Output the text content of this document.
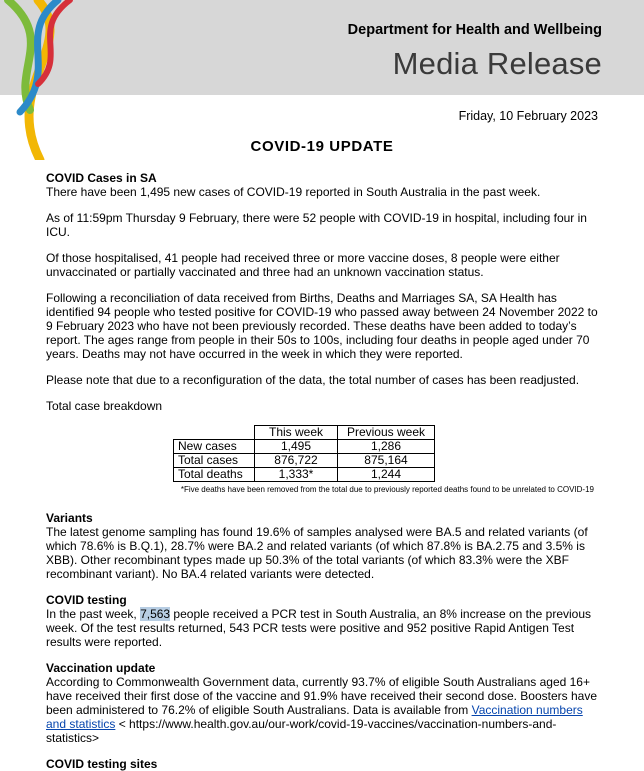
Department for Health and Wellbeing
Media Release
Friday, 10 February 2023
COVID-19 UPDATE
COVID Cases in SA

There have been 1,495 new cases of COVID-19 reported in South Australia in the past week.

As of 11:59pm Thursday 9 February, there were 52 people with COVID-19 in hospital, including four in ICU.

Of those hospitalised, 41 people had received three or more vaccine doses, 8 people were either unvaccinated or partially vaccinated and three had an unknown vaccination status.

Following a reconciliation of data received from Births, Deaths and Marriages SA, SA Health has identified 94 people who tested positive for COVID-19 who passed away between 24 November 2022 to 9 February 2023 who have not been previously recorded. These deaths have been added to today’s report. The ages range from people in their 50s to 100s, including four deaths in people aged under 70 years. Deaths may not have occurred in the week in which they were reported.

Please note that due to a reconfiguration of the data, the total number of cases has been readjusted.

Total case breakdown

	This week	Previous week
New cases	1,495	1,286
Total cases	876,722	875,164
Total deaths	1,333*	1,244
*Five deaths have been removed from the total due to previously reported deaths found to be unrelated to COVID-19
Variants

The latest genome sampling has found 19.6% of samples analysed were BA.5 and related variants (of which 78.6% is B.Q.1), 28.7% were BA.2 and related variants (of which 87.8% is BA.2.75 and 3.5% is XBB). Other recombinant types made up 50.3% of the total variants (of which 83.3% were the XBF recombinant variant). No BA.4 related variants were detected.

COVID testing

In the past week, 7,563 people received a PCR test in South Australia, an 8% increase on the previous week. Of the test results returned, 543 PCR tests were positive and 952 positive Rapid Antigen Test results were reported.

Vaccination update

According to Commonwealth Government data, currently 93.7% of eligible South Australians aged 16+ have received their first dose of the vaccine and 91.9% have received their second dose. Boosters have been administered to 76.2% of eligible South Australians. Data is available from Vaccination numbers and statistics < https://www.health.gov.au/our-work/covid-19-vaccines/vaccination-numbers-and-statistics>

COVID testing sites
